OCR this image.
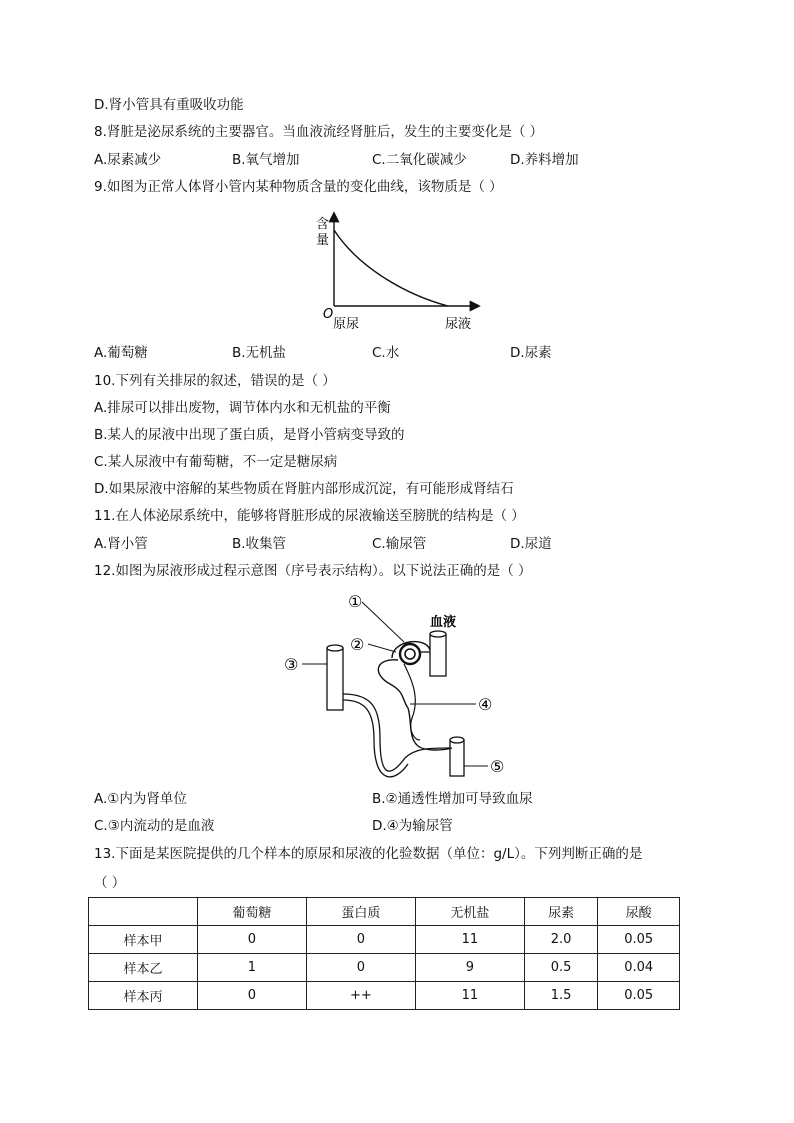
D.肾小管具有重吸收功能
8.肾脏是泌尿系统的主要器官。当血液流经肾脏后，发生的主要变化是（ ）
A.尿素减少	B.氧气增加	C.二氧化碳减少	D.养料增加
9.如图为正常人体肾小管内某种物质含量的变化曲线，该物质是（ ）
含
量
O
原尿	尿液
A.葡萄糖	B.无机盐	C.水	D.尿素
10.下列有关排尿的叙述，错误的是（ ）
A.排尿可以排出废物，调节体内水和无机盐的平衡
B.某人的尿液中出现了蛋白质，是肾小管病变导致的
C.某人尿液中有葡萄糖，不一定是糖尿病
D.如果尿液中溶解的某些物质在肾脏内部形成沉淀，有可能形成肾结石
11.在人体泌尿系统中，能够将肾脏形成的尿液输送至膀胱的结构是（ ）
A.肾小管	B.收集管	C.输尿管	D.尿道
12.如图为尿液形成过程示意图（序号表示结构）。以下说法正确的是（ ）
①
②
③
④
⑤
血液
A.①内为肾单位	B.②通透性增加可导致血尿
C.③内流动的是血液	D.④为输尿管
13.下面是某医院提供的几个样本的原尿和尿液的化验数据（单位：g/L）。下列判断正确的是
（ ）
	葡萄糖	蛋白质	无机盐	尿素	尿酸
样本甲	0	0	11	2.0	0.05
样本乙	1	0	9	0.5	0.04
样本丙	0	++	11	1.5	0.05
